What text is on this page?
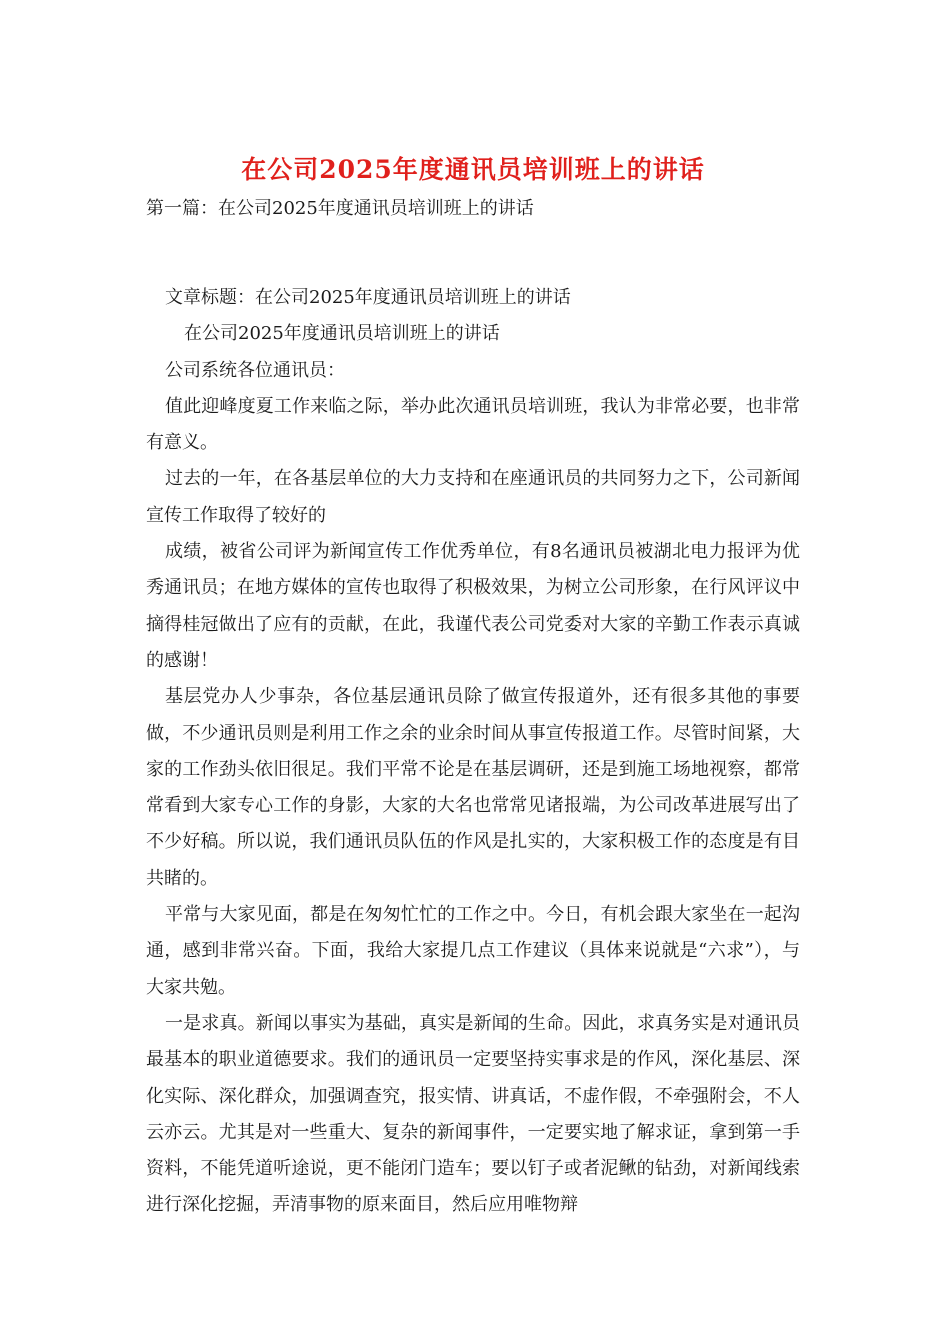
在公司2025年度通讯员培训班上的讲话
第一篇：在公司2025年度通讯员培训班上的讲话

文章标题：在公司2025年度通讯员培训班上的讲话

在公司2025年度通讯员培训班上的讲话

公司系统各位通讯员：

值此迎峰度夏工作来临之际，举办此次通讯员培训班，我认为非常必要，也非常有意义。

过去的一年，在各基层单位的大力支持和在座通讯员的共同努力之下，公司新闻宣传工作取得了较好的

成绩，被省公司评为新闻宣传工作优秀单位，有8名通讯员被湖北电力报评为优秀通讯员；在地方媒体的宣传也取得了积极效果，为树立公司形象，在行风评议中摘得桂冠做出了应有的贡献，在此，我谨代表公司党委对大家的辛勤工作表示真诚的感谢！

基层党办人少事杂，各位基层通讯员除了做宣传报道外，还有很多其他的事要做，不少通讯员则是利用工作之余的业余时间从事宣传报道工作。尽管时间紧，大家的工作劲头依旧很足。我们平常不论是在基层调研，还是到施工场地视察，都常常看到大家专心工作的身影，大家的大名也常常见诸报端，为公司改革进展写出了不少好稿。所以说，我们通讯员队伍的作风是扎实的，大家积极工作的态度是有目共睹的。

平常与大家见面，都是在匆匆忙忙的工作之中。今日，有机会跟大家坐在一起沟通，感到非常兴奋。下面，我给大家提几点工作建议（具体来说就是“六求”），与大家共勉。

一是求真。新闻以事实为基础，真实是新闻的生命。因此，求真务实是对通讯员最基本的职业道德要求。我们的通讯员一定要坚持实事求是的作风，深化基层、深化实际、深化群众，加强调查究，报实情、讲真话，不虚作假，不牵强附会，不人云亦云。尤其是对一些重大、复杂的新闻事件，一定要实地了解求证，拿到第一手资料，不能凭道听途说，更不能闭门造车；要以钉子或者泥鳅的钻劲，对新闻线索进行深化挖掘，弄清事物的原来面目，然后应用唯物辩
